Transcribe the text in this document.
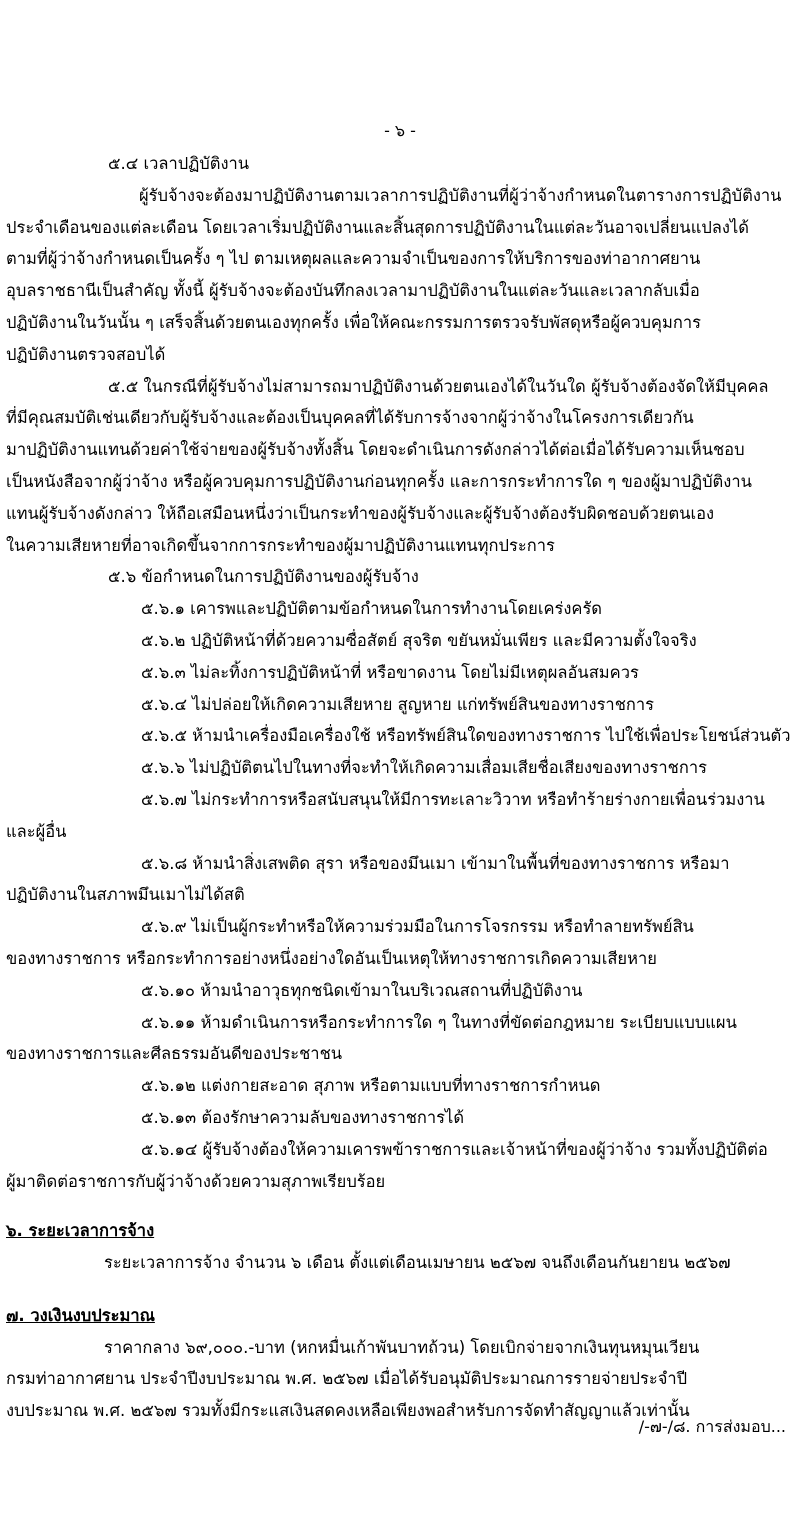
- ๖ -
๕.๔ เวลาปฏิบัติงาน
ผู้รับจ้างจะต้องมาปฏิบัติงานตามเวลาการปฏิบัติงานที่ผู้ว่าจ้างกำหนดในตารางการปฏิบัติงาน
ประจำเดือนของแต่ละเดือน โดยเวลาเริ่มปฏิบัติงานและสิ้นสุดการปฏิบัติงานในแต่ละวันอาจเปลี่ยนแปลงได้
ตามที่ผู้ว่าจ้างกำหนดเป็นครั้ง ๆ ไป ตามเหตุผลและความจำเป็นของการให้บริการของท่าอากาศยาน
อุบลราชธานีเป็นสำคัญ ทั้งนี้ ผู้รับจ้างจะต้องบันทึกลงเวลามาปฏิบัติงานในแต่ละวันและเวลากลับเมื่อ
ปฏิบัติงานในวันนั้น ๆ เสร็จสิ้นด้วยตนเองทุกครั้ง เพื่อให้คณะกรรมการตรวจรับพัสดุหรือผู้ควบคุมการ
ปฏิบัติงานตรวจสอบได้
๕.๕ ในกรณีที่ผู้รับจ้างไม่สามารถมาปฏิบัติงานด้วยตนเองได้ในวันใด ผู้รับจ้างต้องจัดให้มีบุคคล
ที่มีคุณสมบัติเช่นเดียวกับผู้รับจ้างและต้องเป็นบุคคลที่ได้รับการจ้างจากผู้ว่าจ้างในโครงการเดียวกัน
มาปฏิบัติงานแทนด้วยค่าใช้จ่ายของผู้รับจ้างทั้งสิ้น โดยจะดำเนินการดังกล่าวได้ต่อเมื่อได้รับความเห็นชอบ
เป็นหนังสือจากผู้ว่าจ้าง หรือผู้ควบคุมการปฏิบัติงานก่อนทุกครั้ง และการกระทำการใด ๆ ของผู้มาปฏิบัติงาน
แทนผู้รับจ้างดังกล่าว ให้ถือเสมือนหนึ่งว่าเป็นกระทำของผู้รับจ้างและผู้รับจ้างต้องรับผิดชอบด้วยตนเอง
ในความเสียหายที่อาจเกิดขึ้นจากการกระทำของผู้มาปฏิบัติงานแทนทุกประการ
๕.๖ ข้อกำหนดในการปฏิบัติงานของผู้รับจ้าง
๕.๖.๑ เคารพและปฏิบัติตามข้อกำหนดในการทำงานโดยเคร่งครัด
๕.๖.๒ ปฏิบัติหน้าที่ด้วยความซื่อสัตย์ สุจริต ขยันหมั่นเพียร และมีความตั้งใจจริง
๕.๖.๓ ไม่ละทิ้งการปฏิบัติหน้าที่ หรือขาดงาน โดยไม่มีเหตุผลอันสมควร
๕.๖.๔ ไม่ปล่อยให้เกิดความเสียหาย สูญหาย แก่ทรัพย์สินของทางราชการ
๕.๖.๕ ห้ามนำเครื่องมือเครื่องใช้ หรือทรัพย์สินใดของทางราชการ ไปใช้เพื่อประโยชน์ส่วนตัว
๕.๖.๖ ไม่ปฏิบัติตนไปในทางที่จะทำให้เกิดความเสื่อมเสียชื่อเสียงของทางราชการ
๕.๖.๗ ไม่กระทำการหรือสนับสนุนให้มีการทะเลาะวิวาท หรือทำร้ายร่างกายเพื่อนร่วมงาน
และผู้อื่น
๕.๖.๘ ห้ามนำสิ่งเสพติด สุรา หรือของมึนเมา เข้ามาในพื้นที่ของทางราชการ หรือมา
ปฏิบัติงานในสภาพมึนเมาไม่ได้สติ
๕.๖.๙ ไม่เป็นผู้กระทำหรือให้ความร่วมมือในการโจรกรรม หรือทำลายทรัพย์สิน
ของทางราชการ หรือกระทำการอย่างหนึ่งอย่างใดอันเป็นเหตุให้ทางราชการเกิดความเสียหาย
๕.๖.๑๐ ห้ามนำอาวุธทุกชนิดเข้ามาในบริเวณสถานที่ปฏิบัติงาน
๕.๖.๑๑ ห้ามดำเนินการหรือกระทำการใด ๆ ในทางที่ขัดต่อกฎหมาย ระเบียบแบบแผน
ของทางราชการและศีลธรรมอันดีของประชาชน
๕.๖.๑๒ แต่งกายสะอาด สุภาพ หรือตามแบบที่ทางราชการกำหนด
๕.๖.๑๓ ต้องรักษาความลับของทางราชการได้
๕.๖.๑๔ ผู้รับจ้างต้องให้ความเคารพข้าราชการและเจ้าหน้าที่ของผู้ว่าจ้าง รวมทั้งปฏิบัติต่อ
ผู้มาติดต่อราชการกับผู้ว่าจ้างด้วยความสุภาพเรียบร้อย
๖. ระยะเวลาการจ้าง
ระยะเวลาการจ้าง จำนวน ๖ เดือน ตั้งแต่เดือนเมษายน ๒๕๖๗ จนถึงเดือนกันยายน ๒๕๖๗
๗. วงเงินงบประมาณ
ราคากลาง ๖๙,๐๐๐.-บาท (หกหมื่นเก้าพันบาทถ้วน) โดยเบิกจ่ายจากเงินทุนหมุนเวียน
กรมท่าอากาศยาน ประจำปีงบประมาณ พ.ศ. ๒๕๖๗ เมื่อได้รับอนุมัติประมาณการรายจ่ายประจำปี
งบประมาณ พ.ศ. ๒๕๖๗ รวมทั้งมีกระแสเงินสดคงเหลือเพียงพอสำหรับการจัดทำสัญญาแล้วเท่านั้น
/-๗-/๘. การส่งมอบ...
